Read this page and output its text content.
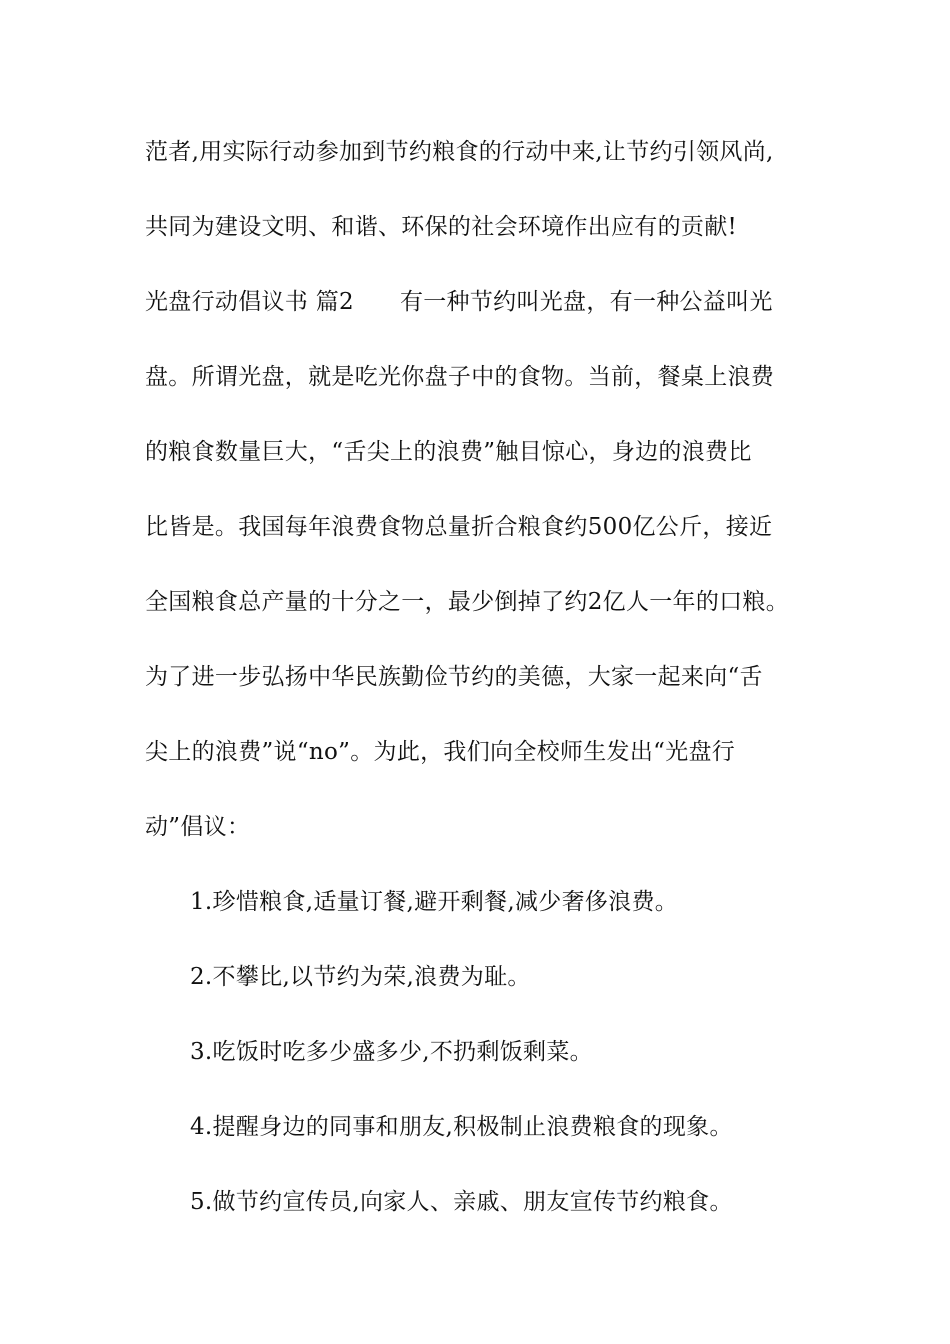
范者,用实际行动参加到节约粮食的行动中来,让节约引领风尚,
共同为建设文明、和谐、环保的社会环境作出应有的贡献!
光盘行动倡议书 篇2 有一种节约叫光盘，有一种公益叫光
盘。所谓光盘，就是吃光你盘子中的食物。当前，餐桌上浪费
的粮食数量巨大，“舌尖上的浪费”触目惊心，身边的浪费比
比皆是。我国每年浪费食物总量折合粮食约500亿公斤，接近
全国粮食总产量的十分之一，最少倒掉了约2亿人一年的口粮。
为了进一步弘扬中华民族勤俭节约的美德，大家一起来向“舌
尖上的浪费”说“no”。为此，我们向全校师生发出“光盘行
动”倡议：
1.珍惜粮食,适量订餐,避开剩餐,减少奢侈浪费。
2.不攀比,以节约为荣,浪费为耻。
3.吃饭时吃多少盛多少,不扔剩饭剩菜。
4.提醒身边的同事和朋友,积极制止浪费粮食的现象。
5.做节约宣传员,向家人、亲戚、朋友宣传节约粮食。
